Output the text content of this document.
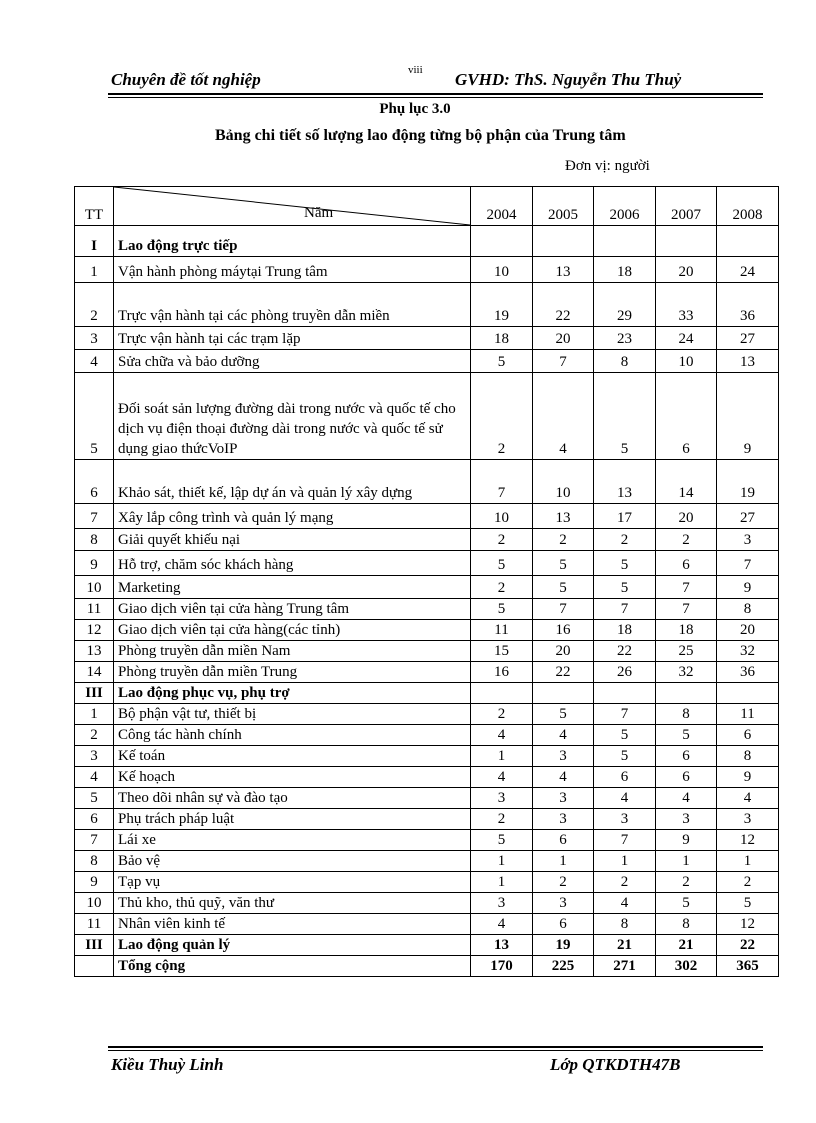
Chuyên đề tốt nghiệp	viii GVHD: ThS. Nguyễn Thu Thuỷ
Phụ lục 3.0
Bảng chi tiết số lượng lao động từng bộ phận của Trung tâm
Đơn vị: người
TT	Năm	2004	2005	2006	2007	2008
I	Lao động trực tiếp					
1	Vận hành phòng máytại Trung tâm	10	13	18	20	24
2	Trực vận hành tại các phòng truyền dẫn miền	19	22	29	33	36
3	Trực vận hành tại các trạm lặp	18	20	23	24	27
4	Sửa chữa và bảo dưỡng	5	7	8	10	13
5	Đối soát sản lượng đường dài trong nước và quốc tế cho dịch vụ điện thoại đường dài trong nước và quốc tế sử dụng giao thứcVoIP	2	4	5	6	9
6	Khảo sát, thiết kế, lập dự án và quản lý xây dựng	7	10	13	14	19
7	Xây lắp công trình và quản lý mạng	10	13	17	20	27
8	Giải quyết khiếu nại	2	2	2	2	3
9	Hỗ trợ, chăm sóc khách hàng	5	5	5	6	7
10	Marketing	2	5	5	7	9
11	Giao dịch viên tại cửa hàng Trung tâm	5	7	7	7	8
12	Giao dịch viên tại cửa hàng(các tỉnh)	11	16	18	18	20
13	Phòng truyền dẫn miền Nam	15	20	22	25	32
14	Phòng truyền dẫn miền Trung	16	22	26	32	36
III	Lao động phục vụ, phụ trợ					
1	Bộ phận vật tư, thiết bị	2	5	7	8	11
2	Công tác hành chính	4	4	5	5	6
3	Kế toán	1	3	5	6	8
4	Kế hoạch	4	4	6	6	9
5	Theo dõi nhân sự và đào tạo	3	3	4	4	4
6	Phụ trách pháp luật	2	3	3	3	3
7	Lái xe	5	6	7	9	12
8	Bảo vệ	1	1	1	1	1
9	Tạp vụ	1	2	2	2	2
10	Thủ kho, thủ quỹ, văn thư	3	3	4	5	5
11	Nhân viên kinh tế	4	6	8	8	12
III	Lao động quản lý	13	19	21	21	22
	Tổng cộng	170	225	271	302	365
Kiều Thuỳ Linh	Lớp QTKDTH47B
